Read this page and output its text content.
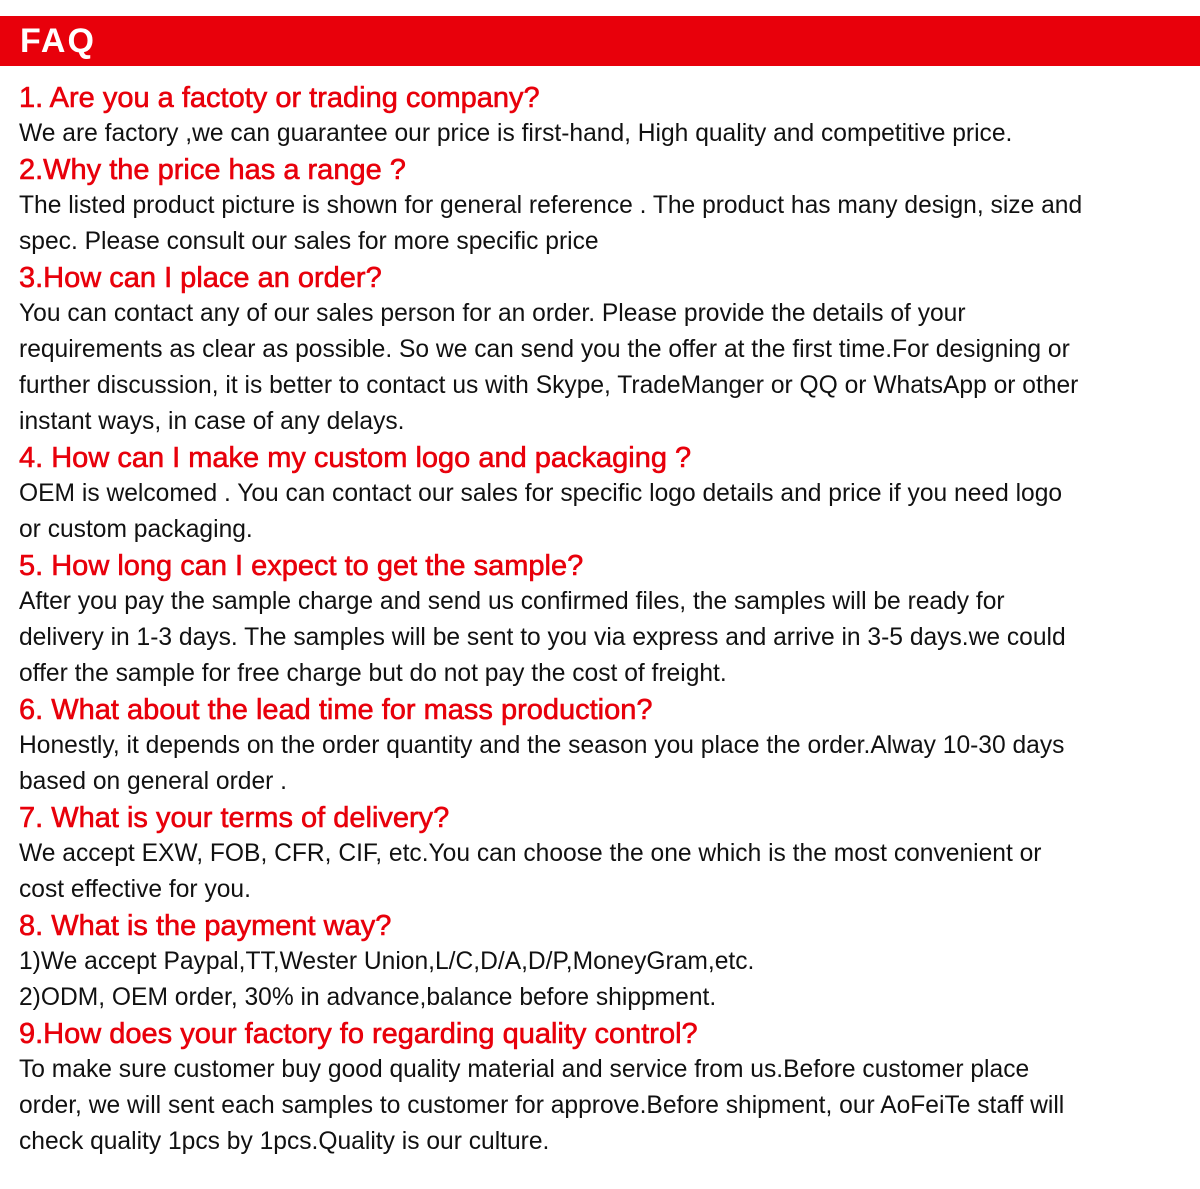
FAQ
1. Are you a factoty or trading company?
We are factory ,we can guarantee our price is first-hand, High quality and competitive price.
2.Why the price has a range ?
The listed product picture is shown for general reference . The product has many design, size and
spec. Please consult our sales for more specific price
3.How can I place an order?
You can contact any of our sales person for an order. Please provide the details of your
requirements as clear as possible. So we can send you the offer at the first time.For designing or
further discussion, it is better to contact us with Skype, TradeManger or QQ or WhatsApp or other
instant ways, in case of any delays.
4. How can I make my custom logo and packaging ?
OEM is welcomed . You can contact our sales for specific logo details and price if you need logo
or custom packaging.
5. How long can I expect to get the sample?
After you pay the sample charge and send us confirmed files, the samples will be ready for
delivery in 1-3 days. The samples will be sent to you via express and arrive in 3-5 days.we could
offer the sample for free charge but do not pay the cost of freight.
6. What about the lead time for mass production?
Honestly, it depends on the order quantity and the season you place the order.Alway 10-30 days
based on general order .
7. What is your terms of delivery?
We accept EXW, FOB, CFR, CIF, etc.You can choose the one which is the most convenient or
cost effective for you.
8. What is the payment way?
1)We accept Paypal,TT,Wester Union,L/C,D/A,D/P,MoneyGram,etc.
2)ODM, OEM order, 30% in advance,balance before shippment.
9.How does your factory fo regarding quality control?
To make sure customer buy good quality material and service from us.Before customer place
order, we will sent each samples to customer for approve.Before shipment, our AoFeiTe staff will
check quality 1pcs by 1pcs.Quality is our culture.
